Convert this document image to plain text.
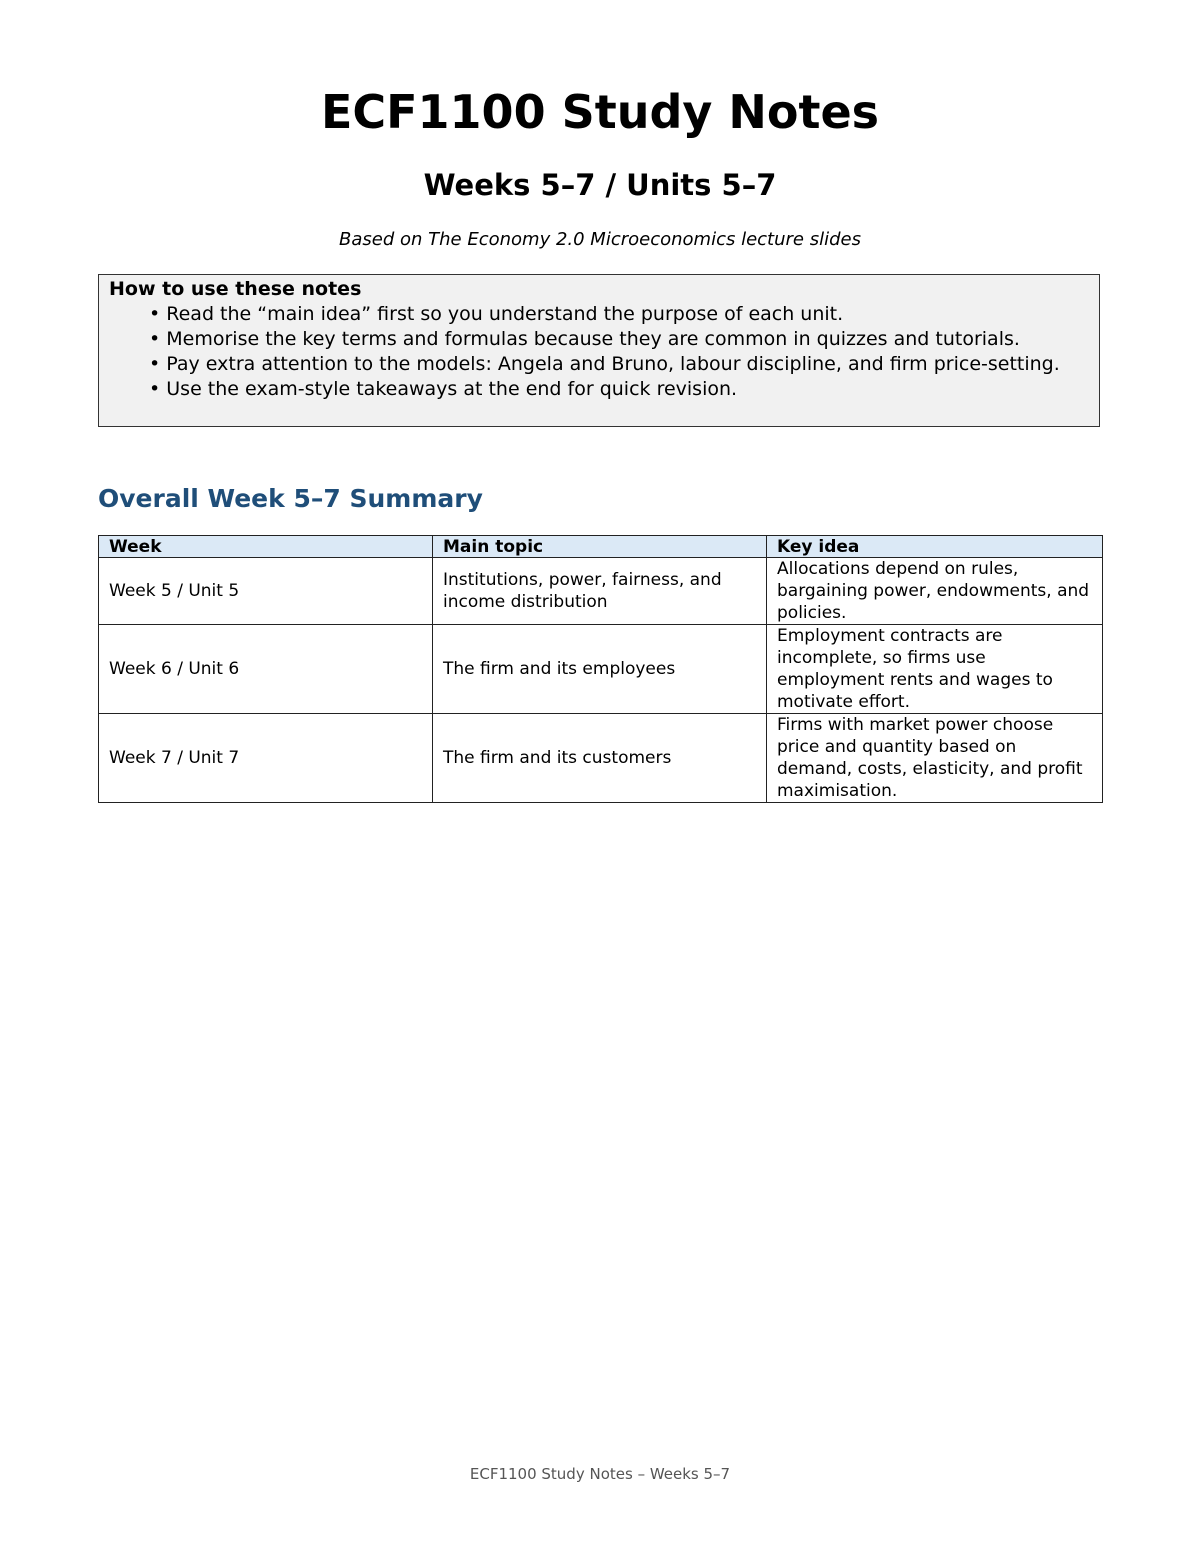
ECF1100 Study Notes
Weeks 5–7 / Units 5–7

Based on The Economy 2.0 Microeconomics lecture slides

How to use these notes

• Read the “main idea” first so you understand the purpose of each unit.
• Memorise the key terms and formulas because they are common in quizzes and tutorials.
• Pay extra attention to the models: Angela and Bruno, labour discipline, and firm price-setting.
• Use the exam-style takeaways at the end for quick revision.
Overall Week 5–7 Summary
Week	Main topic	Key idea
Week 5 / Unit 5	Institutions, power, fairness, and income distribution	Allocations depend on rules, bargaining power, endowments, and policies.
Week 6 / Unit 6	The firm and its employees	Employment contracts are incomplete, so firms use employment rents and wages to motivate effort.
Week 7 / Unit 7	The firm and its customers	Firms with market power choose price and quantity based on demand, costs, elasticity, and profit maximisation.

ECF1100 Study Notes – Weeks 5–7
